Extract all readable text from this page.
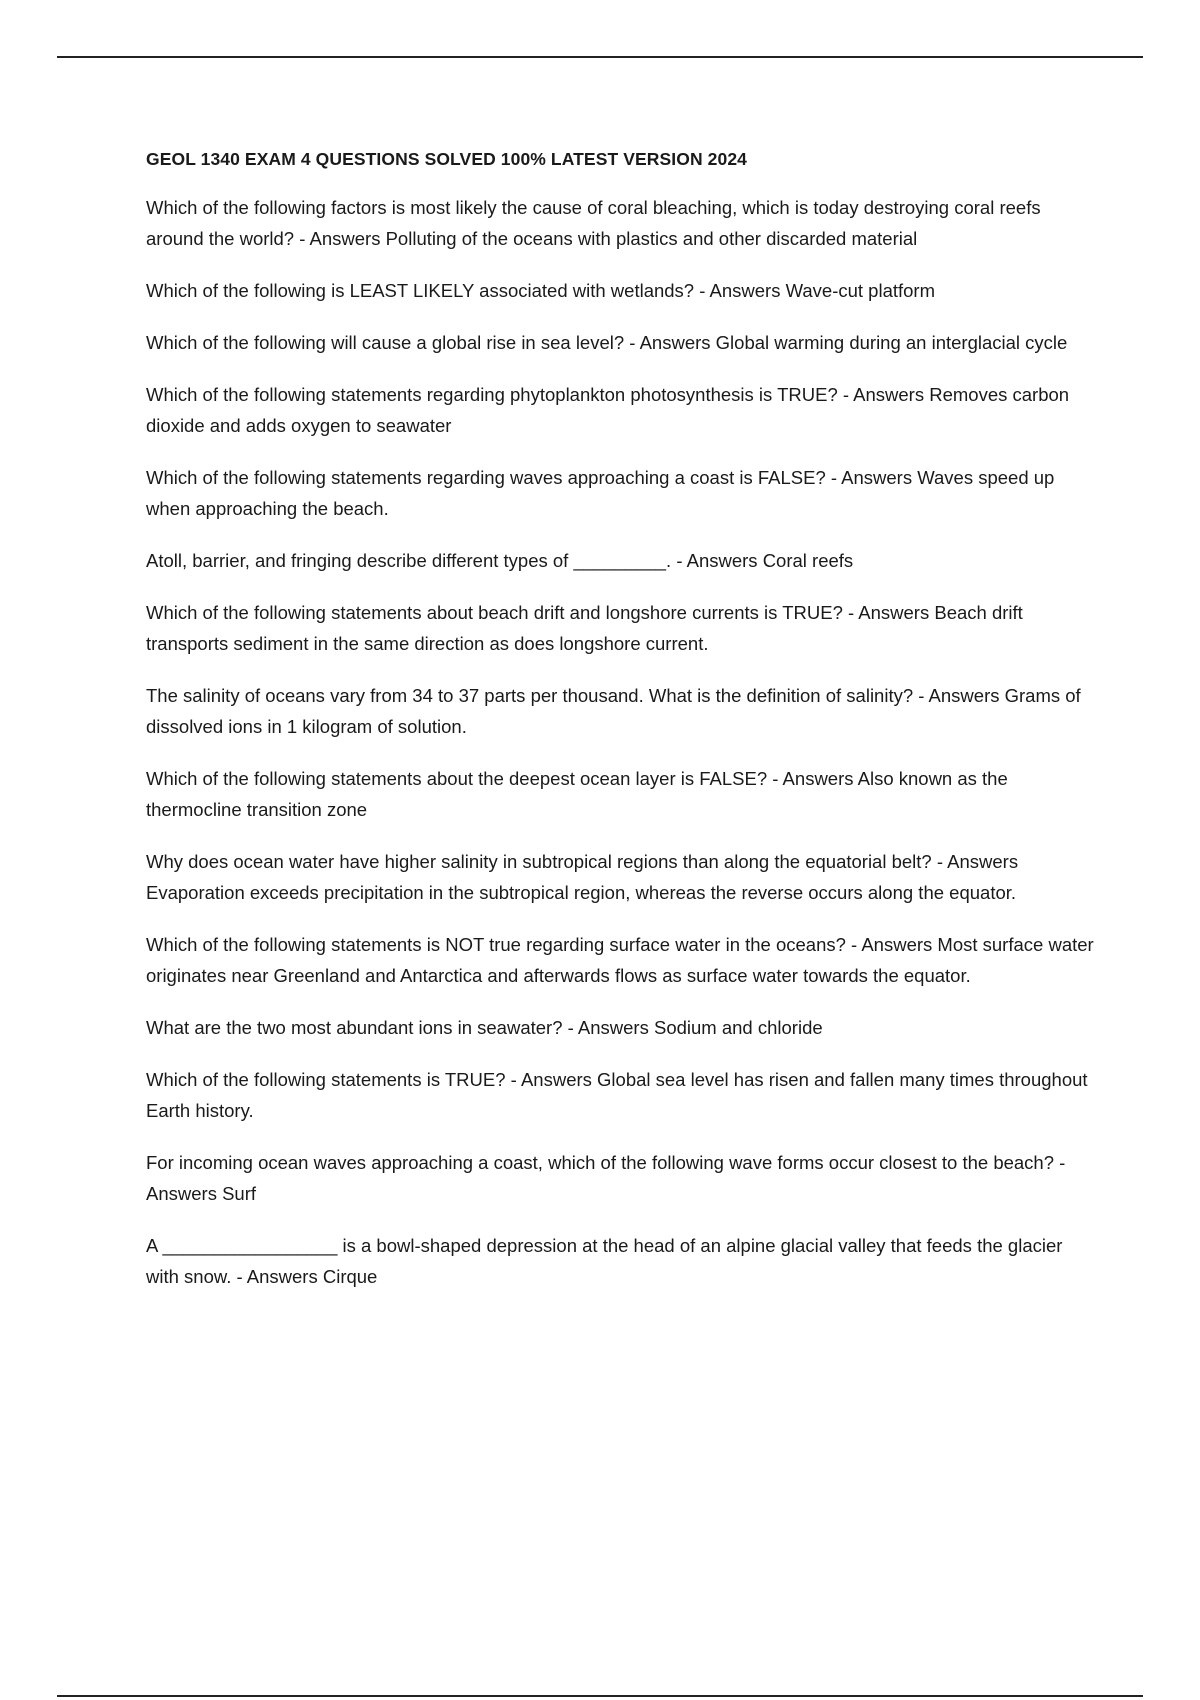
GEOL 1340 EXAM 4 QUESTIONS SOLVED 100% LATEST VERSION 2024

Which of the following factors is most likely the cause of coral bleaching, which is today destroying coral reefs around the world? - Answers Polluting of the oceans with plastics and other discarded material

Which of the following is LEAST LIKELY associated with wetlands? - Answers Wave-cut platform

Which of the following will cause a global rise in sea level? - Answers Global warming during an interglacial cycle

Which of the following statements regarding phytoplankton photosynthesis is TRUE? - Answers Removes carbon dioxide and adds oxygen to seawater

Which of the following statements regarding waves approaching a coast is FALSE? - Answers Waves speed up when approaching the beach.

Atoll, barrier, and fringing describe different types of _________. - Answers Coral reefs

Which of the following statements about beach drift and longshore currents is TRUE? - Answers Beach drift transports sediment in the same direction as does longshore current.

The salinity of oceans vary from 34 to 37 parts per thousand. What is the definition of salinity? - Answers Grams of dissolved ions in 1 kilogram of solution.

Which of the following statements about the deepest ocean layer is FALSE? - Answers Also known as the thermocline transition zone

Why does ocean water have higher salinity in subtropical regions than along the equatorial belt? - Answers Evaporation exceeds precipitation in the subtropical region, whereas the reverse occurs along the equator.

Which of the following statements is NOT true regarding surface water in the oceans? - Answers Most surface water originates near Greenland and Antarctica and afterwards flows as surface water towards the equator.

What are the two most abundant ions in seawater? - Answers Sodium and chloride

Which of the following statements is TRUE? - Answers Global sea level has risen and fallen many times throughout Earth history.

For incoming ocean waves approaching a coast, which of the following wave forms occur closest to the beach? - Answers Surf

A _________________ is a bowl-shaped depression at the head of an alpine glacial valley that feeds the glacier with snow. - Answers Cirque
